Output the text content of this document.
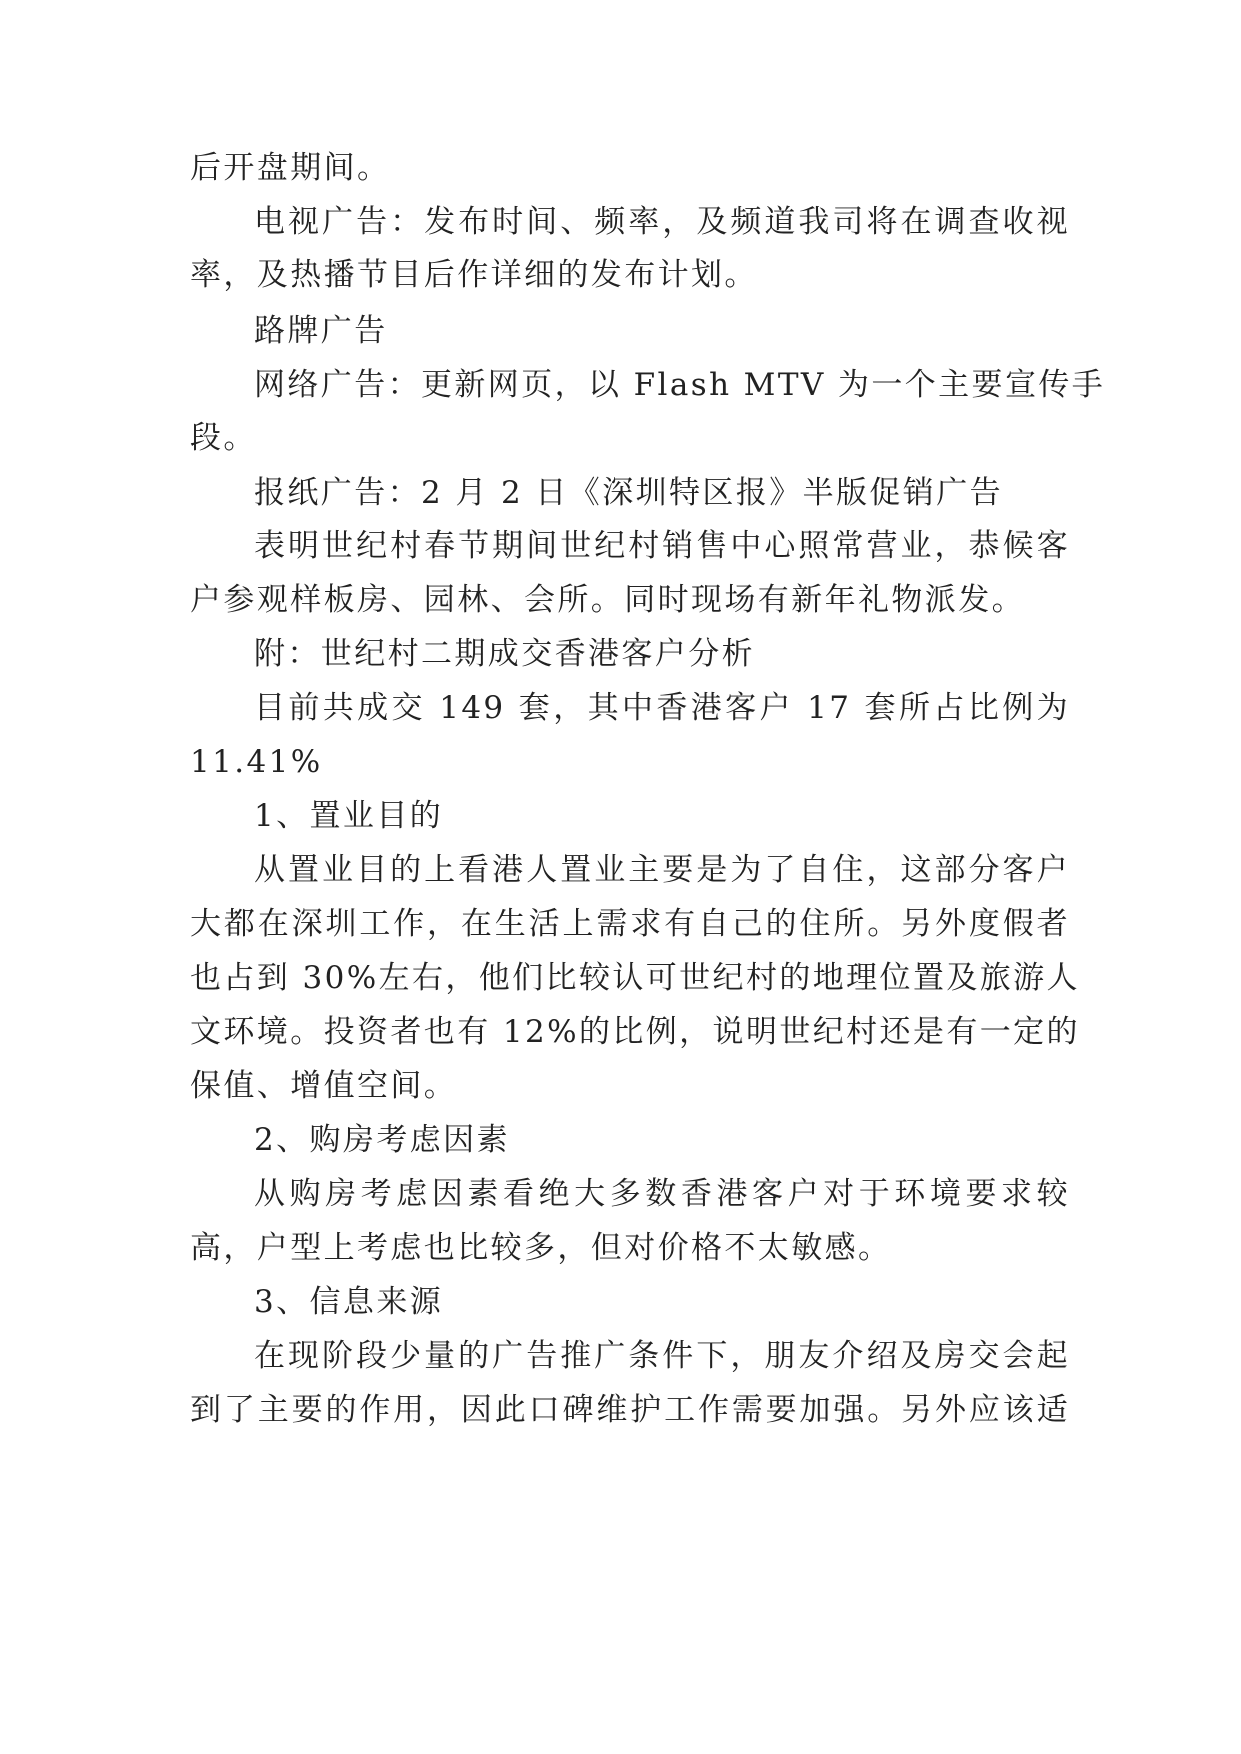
后开盘期间。
电视广告：发布时间、频率，及频道我司将在调查收视
率，及热播节目后作详细的发布计划。
路牌广告
网络广告：更新网页，以 Flash MTV 为一个主要宣传手
段。
报纸广告：2 月 2 日《深圳特区报》半版促销广告
表明世纪村春节期间世纪村销售中心照常营业，恭候客
户参观样板房、园林、会所。同时现场有新年礼物派发。
附：世纪村二期成交香港客户分析
目前共成交 149 套，其中香港客户 17 套所占比例为
11.41%
1、置业目的
从置业目的上看港人置业主要是为了自住，这部分客户
大都在深圳工作，在生活上需求有自己的住所。另外度假者
也占到 30%左右，他们比较认可世纪村的地理位置及旅游人
文环境。投资者也有 12%的比例，说明世纪村还是有一定的
保值、增值空间。
2、购房考虑因素
从购房考虑因素看绝大多数香港客户对于环境要求较
高，户型上考虑也比较多，但对价格不太敏感。
3、信息来源
在现阶段少量的广告推广条件下，朋友介绍及房交会起
到了主要的作用，因此口碑维护工作需要加强。另外应该适
